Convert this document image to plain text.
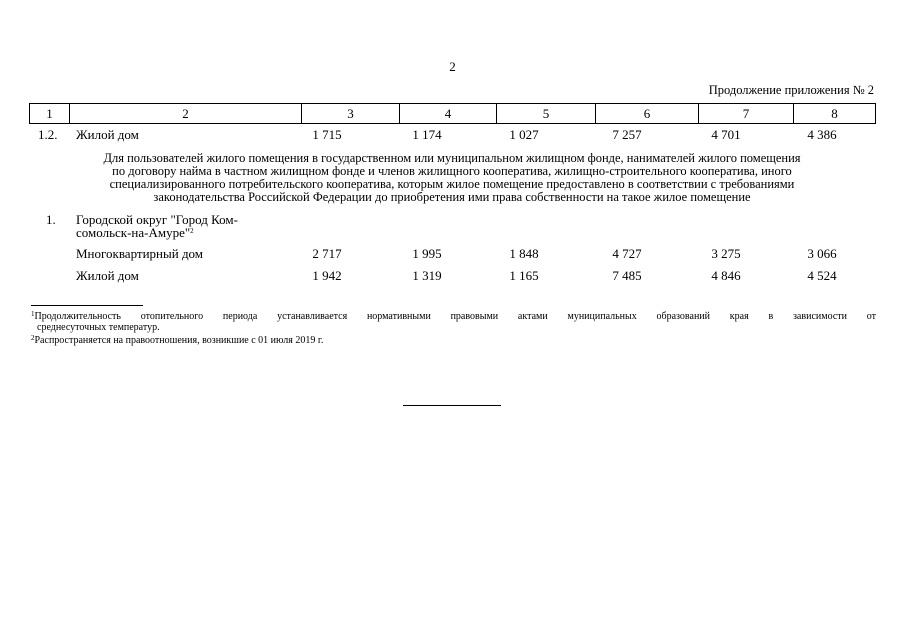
2
Продолжение приложения № 2
1	2	3	4	5	6	7	8
1.2. Жилой дом	1 715	1 174	1 027	7 257	4 701	4 386
Для пользователей жилого помещения в государственном или муниципальном жилищном фонде, нанимателей жилого помещения
по договору найма в частном жилищном фонде и членов жилищного кооператива, жилищно-строительного кооператива, иного
специализированного потребительского кооператива, которым жилое помещение предоставлено в соответствии с требованиями
законодательства Российской Федерации до приобретения ими права собственности на такое жилое помещение
1. Городской округ "Город Ком-
сомольск-на-Амуре"$^2$
Многоквартирный дом	2 717	1 995	1 848	4 727	3 275	3 066
Жилой дом	1 942	1 319	1 165	7 485	4 846	4 524
$^1$Продолжительность отопительного периода устанавливается нормативными правовыми актами муниципальных образований края в зависимости от
среднесуточных температур.
$^2$Распространяется на правоотношения, возникшие с 01 июля 2019 г.
